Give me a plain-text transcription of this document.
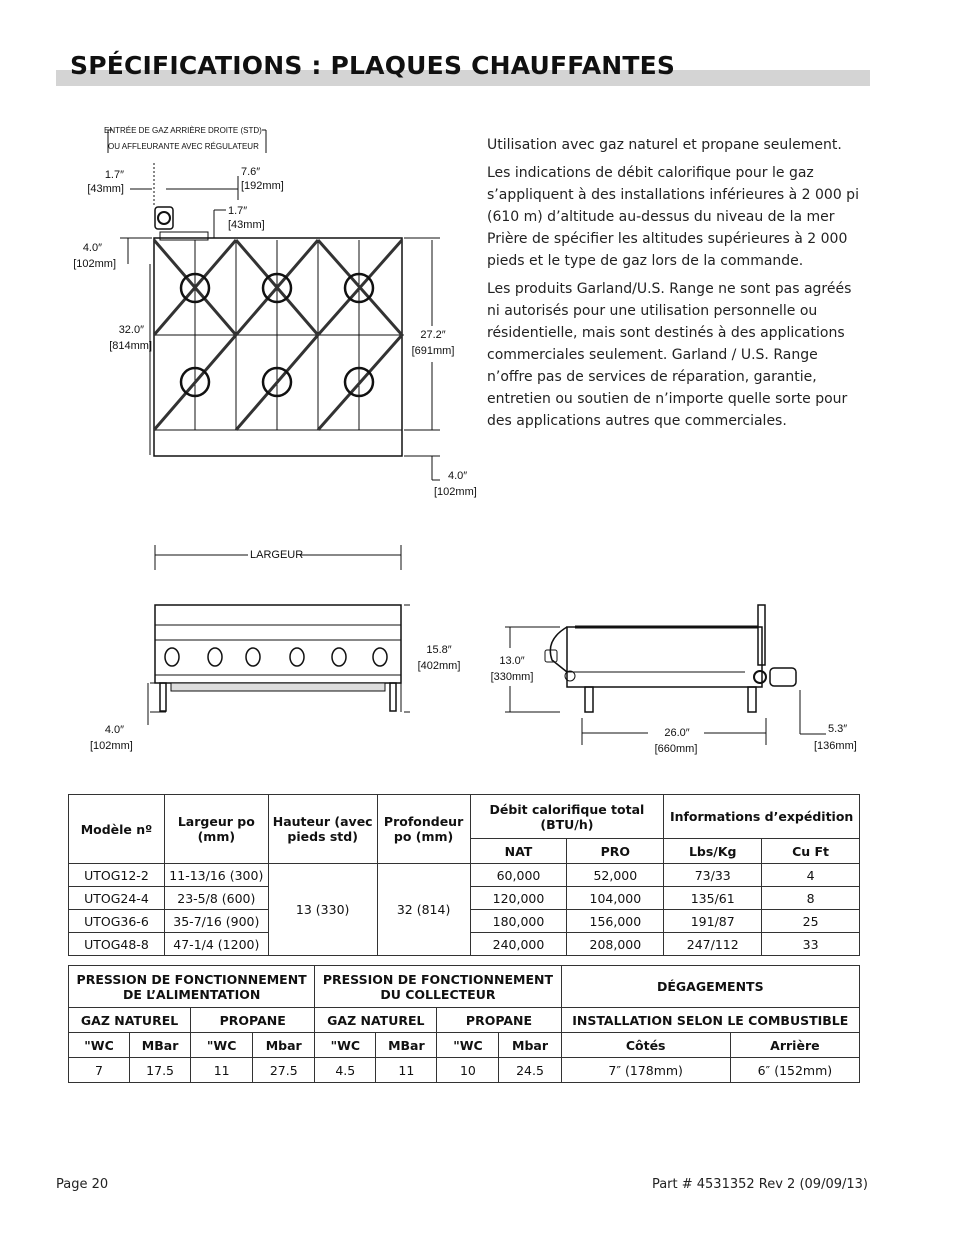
SPÉCIFICATIONS : PLAQUES CHAUFFANTES
ENTRÉE DE GAZ ARRIÈRE DROITE (STD)
OU AFFLEURANTE AVEC RÉGULATEUR
1.7″
[43mm]
7.6″
[192mm]
1.7″
[43mm]
4.0″
[102mm]
32.0″
[814mm]
27.2″
[691mm]
4.0″
[102mm]
LARGEUR
15.8″
[402mm]
4.0″
[102mm]
13.0″
[330mm]
26.0″
[660mm]
5.3″
[136mm]

Utilisation avec gaz naturel et propane seulement.

Les indications de débit calorifique pour le gaz s’appliquent à des installations inférieures à 2 000 pi (610 m) d’altitude au-dessus du niveau de la mer Prière de spécifier les altitudes supérieures à 2 000 pieds et le type de gaz lors de la commande.

Les produits Garland/U.S. Range ne sont pas agréés ni autorisés pour une utilisation personnelle ou résidentielle, mais sont destinés à des applications commerciales seulement. Garland / U.S. Range n’offre pas de services de réparation, garantie, entretien ou soutien de n’importe quelle sorte pour des applications autres que commerciales.

Modèle nº	Largeur po (mm)	Hauteur (avec pieds std)	Profondeur po (mm)	Débit calorifique total (BTU/h)		Informations d’expédition	
				NAT	PRO	Lbs/Kg	Cu Ft
UTOG12-2	11-13/16 (300)	13 (330)	32 (814)	60,000	52,000	73/33	4
UTOG24-4	23-5/8 (600)			120,000	104,000	135/61	8
UTOG36-6	35-7/16 (900)			180,000	156,000	191/87	25
UTOG48-8	47-1/4 (1200)			240,000	208,000	247/112	33
PRESSION DE FONCTIONNEMENT DE L’ALIMENTATION				PRESSION DE FONCTIONNEMENT DU COLLECTEUR				DÉGAGEMENTS	
GAZ NATUREL		PROPANE		GAZ NATUREL		PROPANE		INSTALLATION SELON LE COMBUSTIBLE	
"WC	MBar	"WC	Mbar	"WC	MBar	"WC	Mbar	Côtés	Arrière
7	17.5	11	27.5	4.5	11	10	24.5	7″ (178mm)	6″ (152mm)
Page 20	Part # 4531352 Rev 2 (09/09/13)
